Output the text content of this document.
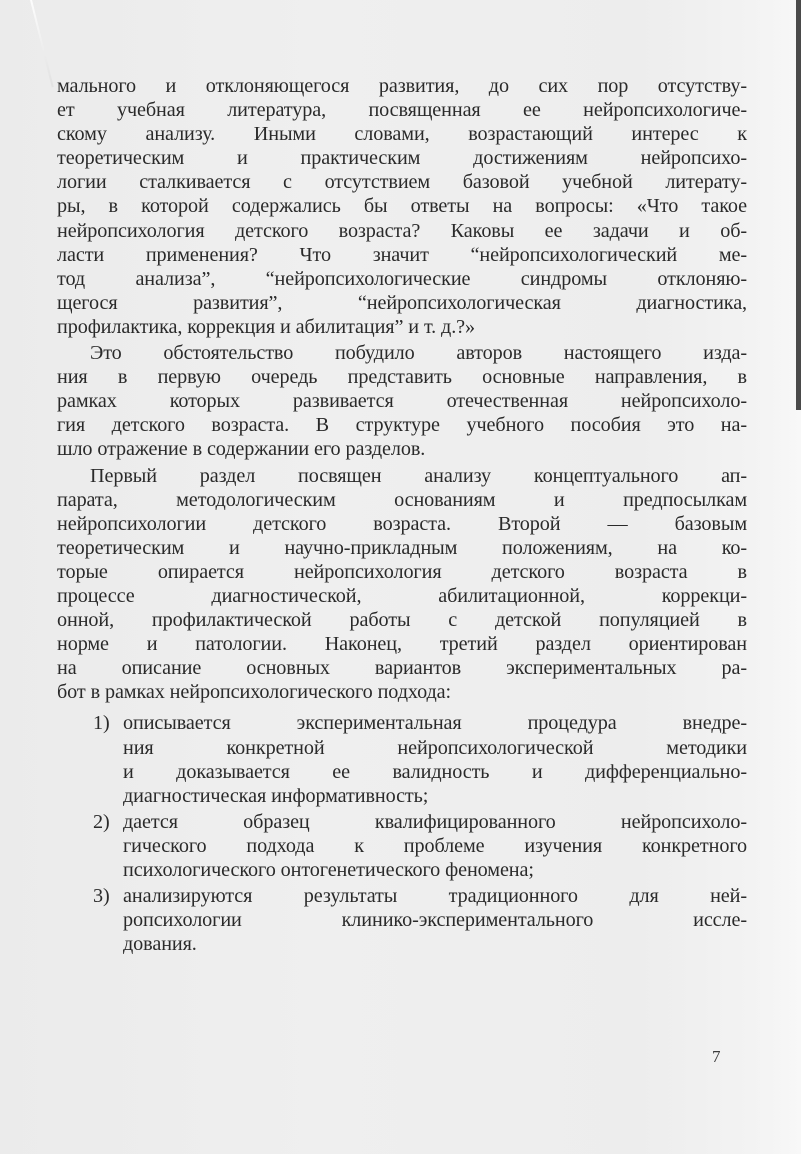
мального и отклоняющегося развития, до сих пор отсутству-
ет учебная литература, посвященная ее нейропсихологиче-
скому анализу. Иными словами, возрастающий интерес к
теоретическим и практическим достижениям нейропсихо-
логии сталкивается с отсутствием базовой учебной литерату-
ры, в которой содержались бы ответы на вопросы: «Что такое
нейропсихология детского возраста? Каковы ее задачи и об-
ласти применения? Что значит “нейропсихологический ме-
тод анализа”, “нейропсихологические синдромы отклоняю-
щегося развития”, “нейропсихологическая диагностика,
профилактика, коррекция и абилитация” и т. д.?»
Это обстоятельство побудило авторов настоящего изда-
ния в первую очередь представить основные направления, в
рамках которых развивается отечественная нейропсихоло-
гия детского возраста. В структуре учебного пособия это на-
шло отражение в содержании его разделов.
Первый раздел посвящен анализу концептуального ап-
парата, методологическим основаниям и предпосылкам
нейропсихологии детского возраста. Второй — базовым
теоретическим и научно-прикладным положениям, на ко-
торые опирается нейропсихология детского возраста в
процессе диагностической, абилитационной, коррекци-
онной, профилактической работы с детской популяцией в
норме и патологии. Наконец, третий раздел ориентирован
на описание основных вариантов экспериментальных ра-
бот в рамках нейропсихологического подхода:
1) описывается экспериментальная процедура внедре-
ния конкретной нейропсихологической методики
и доказывается ее валидность и дифференциально-
диагностическая информативность;
2) дается образец квалифицированного нейропсихоло-
гического подхода к проблеме изучения конкретного
психологического онтогенетического феномена;
3) анализируются результаты традиционного для ней-
ропсихологии клинико-экспериментального иссле-
дования.
7
